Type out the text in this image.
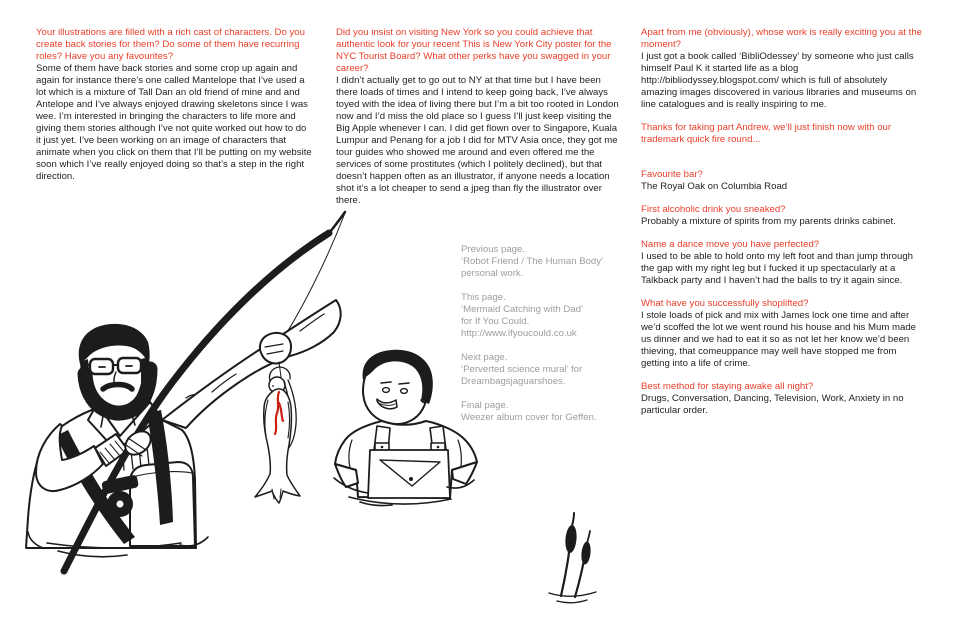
Your illustrations are filled with a rich cast of characters. Do you create back stories for them? Do some of them have recurring roles? Have you any favourites?

Some of them have back stories and some crop up again and again for instance there’s one called Mantelope that I’ve used a lot which is a mixture of Tall Dan an old friend of mine and and Antelope and I’ve always enjoyed drawing skeletons since I was wee. I’m interested in bringing the characters to life more and giving them stories although I’ve not quite worked out how to do it just yet. I’ve been working on an image of characters that animate when you click on them that I’ll be putting on my website soon which I’ve really enjoyed doing so that’s a step in the right direction.

Did you insist on visiting New York so you could achieve that authentic look for your recent This is New York City poster for the NYC Tourist Board? What other perks have you swagged in your career?

I didn’t actually get to go out to NY at that time but I have been there loads of times and I intend to keep going back, I’ve always toyed with the idea of living there but I’m a bit too rooted in London now and I’d miss the old place so I guess I’ll just keep visiting the Big Apple whenever I can. I did get flown over to Singapore, Kuala Lumpur and Penang for a job I did for MTV Asia once, they got me tour guides who showed me around and even offered me the services of some prostitutes (which I politely declined), but that doesn’t happen often as an illustrator, if anyone needs a location shot it’s a lot cheaper to send a jpeg than fly the illustrator over there.

Apart from me (obviously), whose work is really exciting you at the moment?

I just got a book called ‘BibliOdessey’ by someone who just calls himself Paul K it started life as a blog http://bibliodyssey.blogspot.com/ which is full of absolutely amazing images discovered in various libraries and museums on line catalogues and is really inspiring to me.

Thanks for taking part Andrew, we’ll just finish now with our trademark quick fire round...

Favourite bar?

The Royal Oak on Columbia Road

First alcoholic drink you sneaked?

Probably a mixture of spirits from my parents drinks cabinet.

Name a dance move you have perfected?

I used to be able to hold onto my left foot and than jump through the gap with my right leg but I fucked it up spectacularly at a Talkback party and I haven’t had the balls to try it again since.

What have you successfully shoplifted?

I stole loads of pick and mix with James lock one time and after we’d scoffed the lot we went round his house and his Mum made us dinner and we had to eat it so as not let her know we’d been thieving, that comeuppance may well have stopped me from getting into a life of crime.

Best method for staying awake all night?

Drugs, Conversation, Dancing, Television, Work, Anxiety in no particular order.

Previous page.
‘Robot Friend / The Human Body’
personal work.
This page.
‘Mermaid Catching with Dad’
for If You Could.
http://www.ifyoucould.co.uk
Next page.
‘Perverted science mural’ for
Dreambagsjaguarshoes.
Final page.
Weezer album cover for Geffen.
